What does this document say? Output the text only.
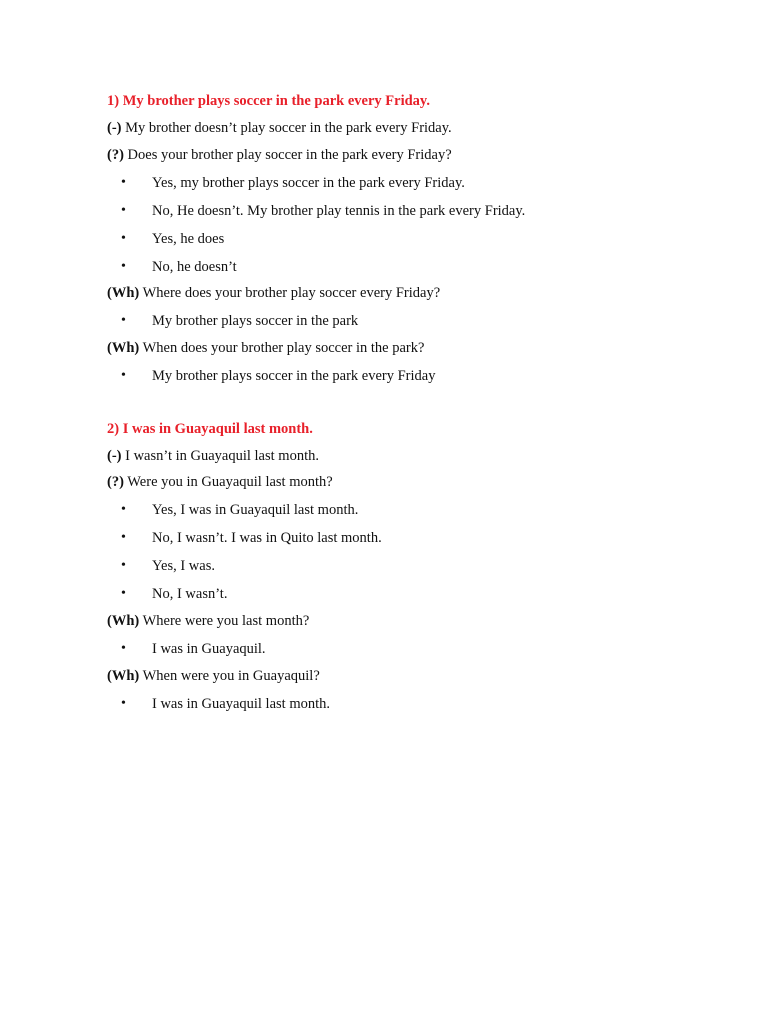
1) My brother plays soccer in the park every Friday.
(-) My brother doesn’t play soccer in the park every Friday.
(?) Does your brother play soccer in the park every Friday?
• Yes, my brother plays soccer in the park every Friday.
• No, He doesn’t. My brother play tennis in the park every Friday.
• Yes, he does
• No, he doesn’t
(Wh) Where does your brother play soccer every Friday?
• My brother plays soccer in the park
(Wh) When does your brother play soccer in the park?
• My brother plays soccer in the park every Friday
2) I was in Guayaquil last month.
(-) I wasn’t in Guayaquil last month.
(?) Were you in Guayaquil last month?
• Yes, I was in Guayaquil last month.
• No, I wasn’t. I was in Quito last month.
• Yes, I was.
• No, I wasn’t.
(Wh) Where were you last month?
• I was in Guayaquil.
(Wh) When were you in Guayaquil?
• I was in Guayaquil last month.
